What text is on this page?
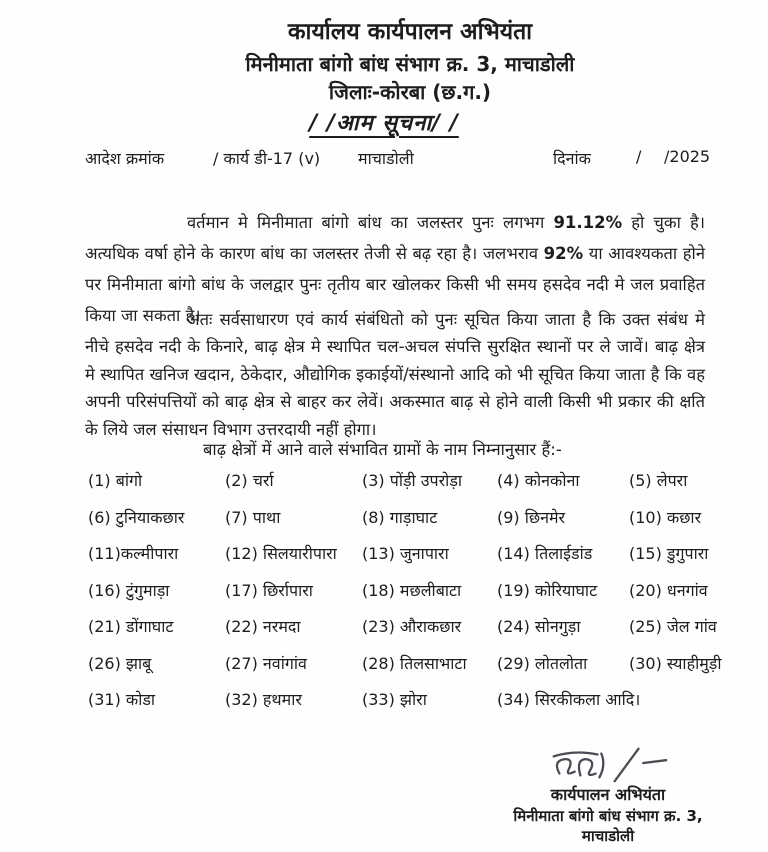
कार्यालय कार्यपालन अभियंता
मिनीमाता बांगो बांध संभाग क्र. 3, माचाडोली
जिलाः-कोरबा (छ.ग.)
/ /आम सूचना/ /
आदेश क्रमांक	/ कार्य डी-17 (v) माचाडोली	दिनांक	/ /2025

वर्तमान मे मिनीमाता बांगो बांध का जलस्तर पुनः लगभग 91.12% हो चुका है। अत्यधिक वर्षा होने के कारण बांध का जलस्तर तेजी से बढ़ रहा है। जलभराव 92% या आवश्यकता होने पर मिनीमाता बांगो बांध के जलद्वार पुनः तृतीय बार खोलकर किसी भी समय हसदेव नदी मे जल प्रवाहित किया जा सकता है।

अतः सर्वसाधारण एवं कार्य संबंधितो को पुनः सूचित किया जाता है कि उक्त संबंध मे नीचे हसदेव नदी के किनारे, बाढ़ क्षेत्र मे स्थापित चल-अचल संपत्ति सुरक्षित स्थानों पर ले जावें। बाढ़ क्षेत्र मे स्थापित खनिज खदान, ठेकेदार, औद्योगिक इकाईयों/संस्थानो आदि को भी सूचित किया जाता है कि वह अपनी परिसंपत्तियों को बाढ़ क्षेत्र से बाहर कर लेवें। अकस्मात बाढ़ से होने वाली किसी भी प्रकार की क्षति के लिये जल संसाधन विभाग उत्तरदायी नहीं होगा।

बाढ़ क्षेत्रों में आने वाले संभावित ग्रामों के नाम निम्नानुसार हैं:-
(1) बांगो	(2) चर्रा	(3) पोंड़ी उपरोड़ा	(4) कोनकोना	(5) लेपरा
(6) टुनियाकछार	(7) पाथा	(8) गाड़ाघाट	(9) छिनमेर	(10) कछार
(11)कल्मीपारा	(12) सिलयारीपारा	(13) जुनापारा	(14) तिलाईडांड	(15) डुगुपारा
(16) टुंगुमाड़ा	(17) छिर्रापारा	(18) मछलीबाटा	(19) कोरियाघाट	(20) धनगांव
(21) डोंगाघाट	(22) नरमदा	(23) औराकछार	(24) सोनगुड़ा	(25) जेल गांव
(26) झाबू	(27) नवांगांव	(28) तिलसाभाटा	(29) लोतलोता	(30) स्याहीमुड़ी
(31) कोडा	(32) हथमार	(33) झोरा	(34) सिरकीकला आदि।
कार्यपालन अभियंता
मिनीमाता बांगो बांध संभाग क्र. 3,
माचाडोली
